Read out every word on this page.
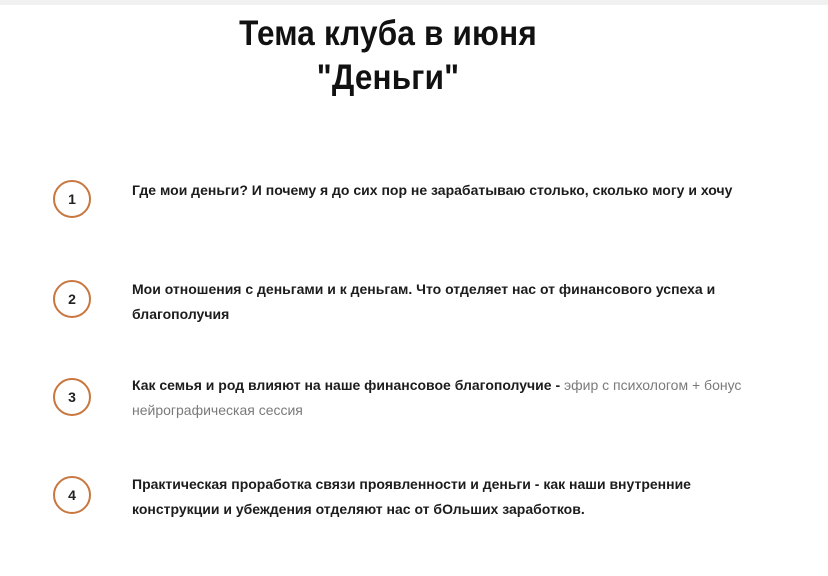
Тема клуба в июня
"Деньги"
1
Где мои деньги? И почему я до сих пор не зарабатываю столько, сколько могу и хочу
2
Мои отношения с деньгами и к деньгам. Что отделяет нас от финансового успеха и благополучия
3
Как семья и род влияют на наше финансовое благополучие - эфир с психологом + бонус нейрографическая сессия
4
Практическая проработка связи проявленности и деньги - как наши внутренние конструкции и убеждения отделяют нас от бОльших заработков.
